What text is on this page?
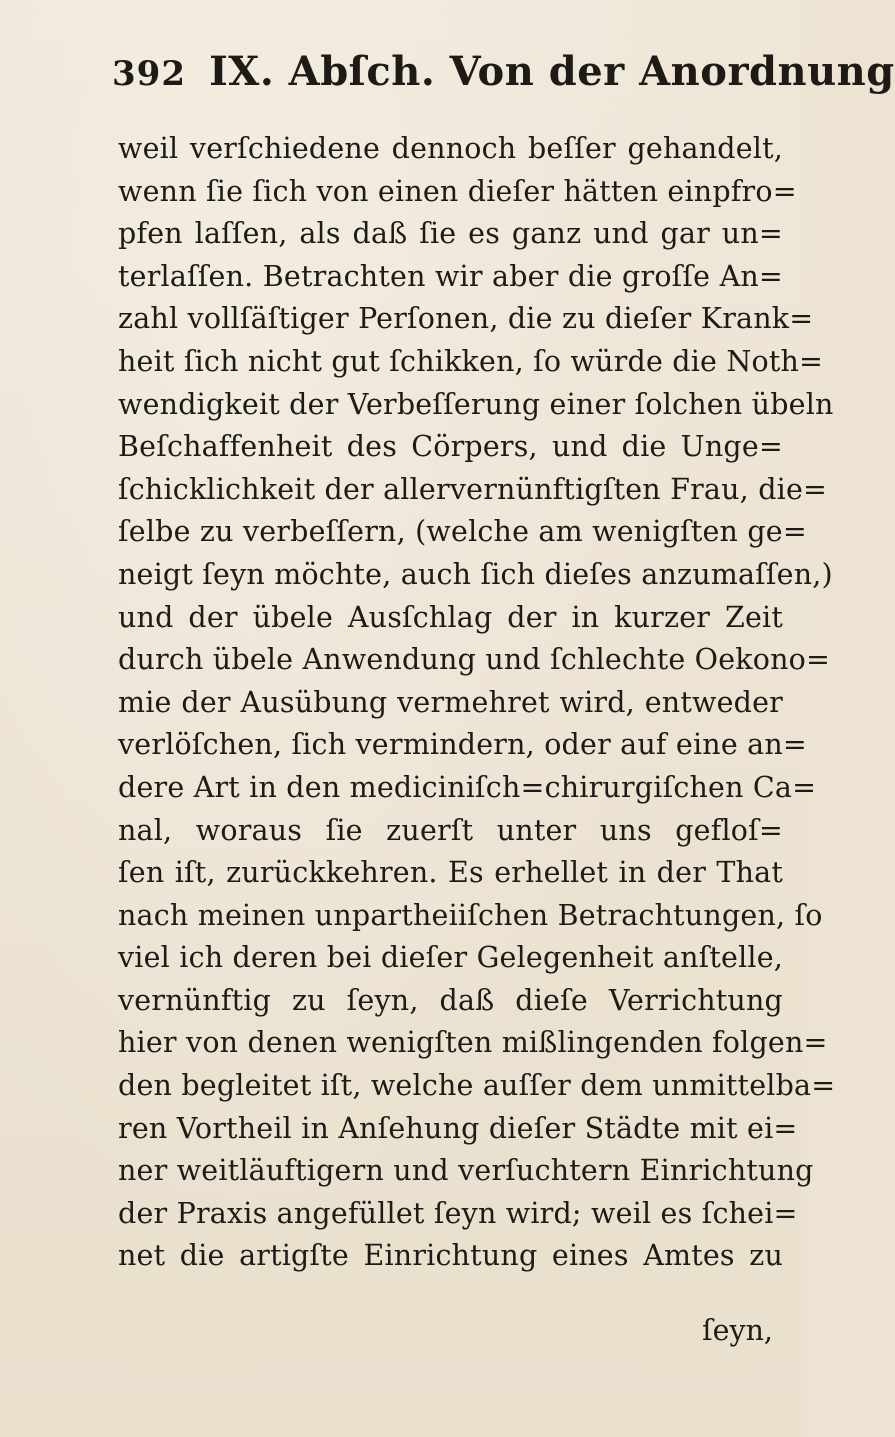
392 IX. Abſch. Von der Anordnung
weil verſchiedene dennoch beſſer gehandelt,
wenn ſie ſich von einen dieſer hätten einpfro=
pfen laſſen, als daß ſie es ganz und gar un=
terlaſſen. Betrachten wir aber die groſſe An=
zahl vollſäſtiger Perſonen, die zu dieſer Krank=
heit ſich nicht gut ſchikken, ſo würde die Noth=
wendigkeit der Verbeſſerung einer ſolchen übeln
Beſchaffenheit des Cörpers, und die Unge=
ſchicklichkeit der allervernünftigſten Frau, die=
ſelbe zu verbeſſern, (welche am wenigſten ge=
neigt ſeyn möchte, auch ſich dieſes anzumaſſen,)
und der übele Ausſchlag der in kurzer Zeit
durch übele Anwendung und ſchlechte Oekono=
mie der Ausübung vermehret wird, entweder
verlöſchen, ſich vermindern, oder auf eine an=
dere Art in den mediciniſch=chirurgiſchen Ca=
nal, woraus ſie zuerſt unter uns gefloſ=
ſen iſt, zurückkehren. Es erhellet in der That
nach meinen unpartheiiſchen Betrachtungen, ſo
viel ich deren bei dieſer Gelegenheit anſtelle,
vernünftig zu ſeyn, daß dieſe Verrichtung
hier von denen wenigſten mißlingenden folgen=
den begleitet iſt, welche auſſer dem unmittelba=
ren Vortheil in Anſehung dieſer Städte mit ei=
ner weitläuftigern und verſuchtern Einrichtung
der Praxis angefüllet ſeyn wird; weil es ſchei=
net die artigſte Einrichtung eines Amtes zu
ſeyn,
